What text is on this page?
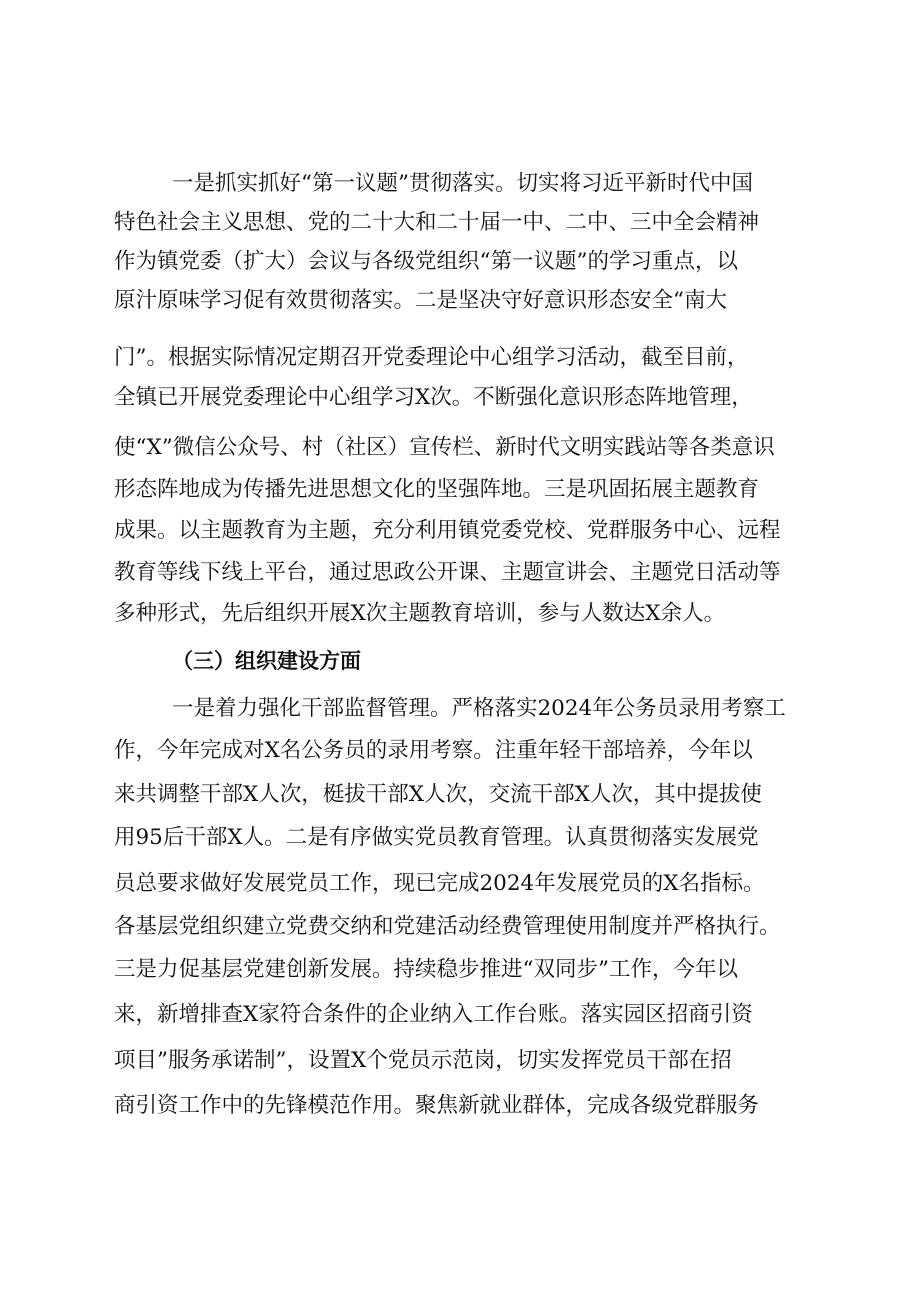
一是抓实抓好“第一议题”贯彻落实。切实将习近平新时代中国
特色社会主义思想、党的二十大和二十届一中、二中、三中全会精神
作为镇党委（扩大）会议与各级党组织“第一议题”的学习重点，以
原汁原味学习促有效贯彻落实。二是坚决守好意识形态安全“南大
门”。根据实际情况定期召开党委理论中心组学习活动，截至目前，
全镇已开展党委理论中心组学习X次。不断强化意识形态阵地管理，
使“X”微信公众号、村（社区）宣传栏、新时代文明实践站等各类意识
形态阵地成为传播先进思想文化的坚强阵地。三是巩固拓展主题教育
成果。以主题教育为主题，充分利用镇党委党校、党群服务中心、远程
教育等线下线上平台，通过思政公开课、主题宣讲会、主题党日活动等
多种形式，先后组织开展X次主题教育培训，参与人数达X余人。
（三）组织建设方面
一是着力强化干部监督管理。严格落实2024年公务员录用考察工
作，今年完成对X名公务员的录用考察。注重年轻干部培养，今年以
来共调整干部X人次，梃拔干部X人次，交流干部X人次，其中提拔使
用95后干部X人。二是有序做实党员教育管理。认真贯彻落实发展党
员总要求做好发展党员工作，现已完成2024年发展党员的X名指标。
各基层党组织建立党费交纳和党建活动经费管理使用制度并严格执行。
三是力促基层党建创新发展。持续稳步推进“双同步”工作，今年以
来，新增排查X家符合条件的企业纳入工作台账。落实园区招商引资
项目”服务承诺制”，设置X个党员示范岗，切实发挥党员干部在招
商引资工作中的先锋模范作用。聚焦新就业群体，完成各级党群服务
